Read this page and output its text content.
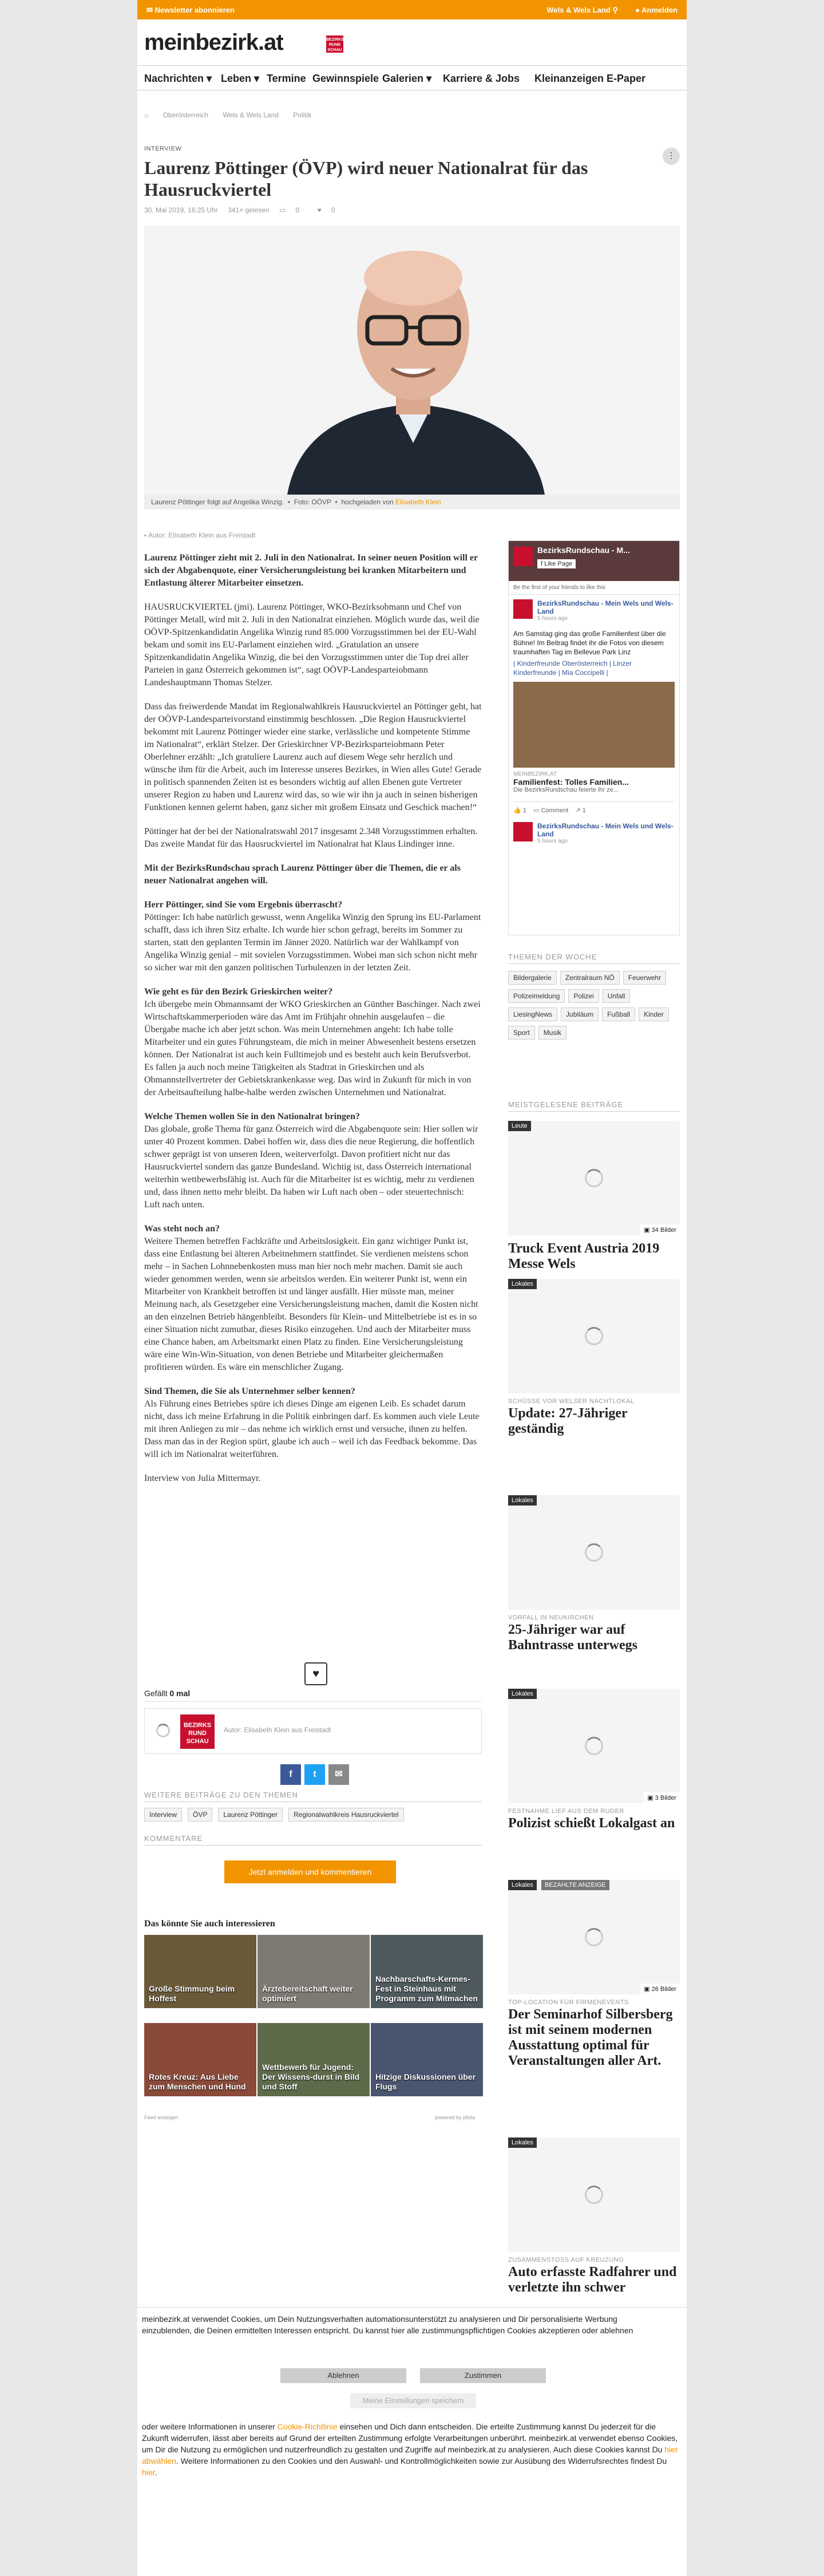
✉ Newsletter abonnieren	Wels & Wels Land ⚲ ● Anmelden
meinbezirk.at	BEZIRKS RUND SCHAU
Nachrichten ▾ Leben ▾ Termine Gewinnspiele Galerien ▾ Karriere & Jobs Kleinanzeigen E-Paper
⌂ Oberösterreich Wels & Wels Land Politik
INTERVIEW
Laurenz Pöttinger (ÖVP) wird neuer Nationalrat für das Hausruckviertel
⋮
30. Mai 2019, 16:25 Uhr 341× gelesen ▭ 0	♥ 0
Laurenz Pöttinger folgt auf Angelika Winzig.  •  Foto: OÖVP  •  hochgeladen von Elisabeth Klein
▪ Autor: Elisabeth Klein aus Freistadt

Laurenz Pöttinger zieht mit 2. Juli in den Nationalrat. In seiner neuen Position will er sich der Abgabenquote, einer Versicherungsleistung bei kranken Mitarbeitern und Entlastung älterer Mitarbeiter einsetzen.

HAUSRUCKVIERTEL (jmi). Laurenz Pöttinger, WKO-Bezirksobmann und Chef von Pöttinger Metall, wird mit 2. Juli in den Nationalrat einziehen. Möglich wurde das, weil die OÖVP-Spitzenkandidatin Angelika Winzig rund 85.000 Vorzugsstimmen bei der EU-Wahl bekam und somit ins EU-Parlament einziehen wird. „Gratulation an unsere Spitzenkandidatin Angelika Winzig, die bei den Vorzugsstimmen unter die Top drei aller Parteien in ganz Österreich gekommen ist“, sagt OÖVP-Landesparteiobmann Landeshauptmann Thomas Stelzer.

Dass das freiwerdende Mandat im Regionalwahlkreis Hausruckviertel an Pöttinger geht, hat der OÖVP-Landesparteivorstand einstimmig beschlossen. „Die Region Hausruckviertel bekommt mit Laurenz Pöttinger wieder eine starke, verlässliche und kompetente Stimme im Nationalrat“, erklärt Stelzer. Der Grieskirchner VP-Bezirksparteiobmann Peter Oberlehner erzählt: „Ich gratuliere Laurenz auch auf diesem Wege sehr herzlich und wünsche ihm für die Arbeit, auch im Interesse unseres Bezirkes, in Wien alles Gute! Gerade in politisch spannenden Zeiten ist es besonders wichtig auf allen Ebenen gute Vertreter unserer Region zu haben und Laurenz wird das, so wie wir ihn ja auch in seinen bisherigen Funktionen kennen gelernt haben, ganz sicher mit großem Einsatz und Geschick machen!“

Pöttinger hat der bei der Nationalratswahl 2017 insgesamt 2.348 Vorzugsstimmen erhalten. Das zweite Mandat für das Hausruckviertel im Nationalrat hat Klaus Lindinger inne.

Mit der BezirksRundschau sprach Laurenz Pöttinger über die Themen, die er als neuer Nationalrat angehen will.

Herr Pöttinger, sind Sie vom Ergebnis überrascht?

Pöttinger: Ich habe natürlich gewusst, wenn Angelika Winzig den Sprung ins EU-Parlament schafft, dass ich ihren Sitz erhalte. Ich wurde hier schon gefragt, bereits im Sommer zu starten, statt den geplanten Termin im Jänner 2020. Natürlich war der Wahlkampf von Angelika Winzig genial – mit sovielen Vorzugsstimmen. Wobei man sich schon nicht mehr so sicher war mit den ganzen politischen Turbulenzen in der letzten Zeit.

Wie geht es für den Bezirk Grieskirchen weiter?

Ich übergebe mein Obmannsamt der WKO Grieskirchen an Günther Baschinger. Nach zwei Wirtschaftskammerperioden wäre das Amt im Frühjahr ohnehin ausgelaufen – die Übergabe mache ich aber jetzt schon. Was mein Unternehmen angeht: Ich habe tolle Mitarbeiter und ein gutes Führungsteam, die mich in meiner Abwesenheit bestens ersetzen können. Der Nationalrat ist auch kein Fulltimejob und es besteht auch kein Berufsverbot. Es fallen ja auch noch meine Tätigkeiten als Stadtrat in Grieskirchen und als Obmannstellvertreter der Gebietskrankenkasse weg. Das wird in Zukunft für mich in von der Arbeitsaufteilung halbe-halbe werden zwischen Unternehmen und Nationalrat.

Welche Themen wollen Sie in den Nationalrat bringen?

Das globale, große Thema für ganz Österreich wird die Abgabenquote sein: Hier sollen wir unter 40 Prozent kommen. Dabei hoffen wir, dass dies die neue Regierung, die hoffentlich schwer geprägt ist von unseren Ideen, weiterverfolgt. Davon profitiert nicht nur das Hausruckviertel sondern das ganze Bundesland. Wichtig ist, dass Österreich international weiterhin wettbewerbsfähig ist. Auch für die Mitarbeiter ist es wichtig, mehr zu verdienen und, dass ihnen netto mehr bleibt. Da haben wir Luft nach oben – oder steuertechnisch: Luft nach unten.

Was steht noch an?

Weitere Themen betreffen Fachkräfte und Arbeitslosigkeit. Ein ganz wichtiger Punkt ist, dass eine Entlastung bei älteren Arbeitnehmern stattfindet. Sie verdienen meistens schon mehr – in Sachen Lohnnebenkosten muss man hier noch mehr machen. Damit sie auch wieder genommen werden, wenn sie arbeitslos werden. Ein weiterer Punkt ist, wenn ein Mitarbeiter von Krankheit betroffen ist und länger ausfällt. Hier müsste man, meiner Meinung nach, als Gesetzgeber eine Versicherungsleistung machen, damit die Kosten nicht an den einzelnen Betrieb hängenbleibt. Besonders für Klein- und Mittelbetriebe ist es in so einer Situation nicht zumutbar, dieses Risiko einzugehen. Und auch der Mitarbeiter muss eine Chance haben, am Arbeitsmarkt einen Platz zu finden. Eine Versicherungsleistung wäre eine Win-Win-Situation, von denen Betriebe und Mitarbeiter gleichermaßen profitieren würden. Es wäre ein menschlicher Zugang.

Sind Themen, die Sie als Unternehmer selber kennen?

Als Führung eines Betriebes spüre ich dieses Dinge am eigenen Leib. Es schadet darum nicht, dass ich meine Erfahrung in die Politik einbringen darf. Es kommen auch viele Leute mit ihren Anliegen zu mir – das nehme ich wirklich ernst und versuche, ihnen zu helfen. Dass man das in der Region spürt, glaube ich auch – weil ich das Feedback bekomme. Das will ich im Nationalrat weiterführen.

Interview von Julia Mittermayr.

♥
Gefällt 0 mal
BEZIRKS RUND SCHAU
Autor: Elisabeth Klein aus Freistadt
f	t	✉
WEITERE BEITRÄGE ZU DEN THEMEN
Interview ÖVP Laurenz Pöttinger Regionalwahlkreis Hausruckviertel
KOMMENTARE
Jetzt anmelden und kommentieren
Das könnte Sie auch interessieren
Große Stimmung beim Hoffest
Ärztebereitschaft weiter optimiert
Nachbarschafts-Kermes-Fest in Steinhaus mit Programm zum Mitmachen
Rotes Kreuz: Aus Liebe zum Menschen und Hund
Wettbewerb für Jugend: Der Wissens-durst in Bild und Stoff
Hitzige Diskussionen über Flugs
Feed anzeigen	powered by plista
BezirksRundschau - M...
f Like Page
Be the first of your friends to like this
BezirksRundschau - Mein Wels und Wels-Land
5 hours ago
Am Samstag ging das große Familienfest über die Bühne! Im Beitrag findet ihr die Fotos von diesem traumhaften Tag im Bellevue Park Linz
| Kinderfreunde Oberösterreich | Linzer Kinderfreunde | Mia Coccipelli |
MEINBEZIRK.AT
Familienfest: Tolles Familien...
Die BezirksRundschau feierte ihr ze...
👍 1 ▭ Comment ↗ 1
BezirksRundschau - Mein Wels und Wels-Land
5 hours ago
THEMEN DER WOCHE
Bildergalerie Zentralraum NÖ FeuerwehrPolizeimeldung Polizei UnfallLiesingNews Jubiläum Fußball KinderSport Musik
MEISTGELESENE BEITRÄGE
Leute
▣ 34 Bilder
Truck Event Austria 2019 Messe Wels
Lokales
SCHÜSSE VOR WELSER NACHTLOKAL
Update: 27-Jähriger geständig
Lokales
VORFALL IN NEUKIRCHEN
25-Jähriger war auf Bahntrasse unterwegs
Lokales
▣ 3 Bilder
FESTNAHME LIEF AUS DEM RUDER
Polizist schießt Lokalgast an
Lokales	BEZAHLTE ANZEIGE
▣ 26 Bilder
TOP-LOCATION FÜR FIRMENEVENTS
Der Seminarhof Silbersberg ist mit seinem modernen Ausstattung optimal für Veranstaltungen aller Art.
Lokales
ZUSAMMENSTOSS AUF KREUZUNG
Auto erfasste Radfahrer und verletzte ihn schwer
meinbezirk.at verwendet Cookies, um Dein Nutzungsverhalten automationsunterstützt zu analysieren und Dir personalisierte Werbung einzublenden, die Deinen ermittelten Interessen entspricht. Du kannst hier alle zustimmungspflichtigen Cookies akzeptieren oder ablehnen
Ablehnen	Zustimmen
Meine Einstellungen speichern
oder weitere Informationen in unserer Cookie-Richtlinie einsehen und Dich dann entscheiden. Die erteilte Zustimmung kannst Du jederzeit für die Zukunft widerrufen, lässt aber bereits auf Grund der erteilten Zustimmung erfolgte Verarbeitungen unberührt. meinbezirk.at verwendet ebenso Cookies, um Dir die Nutzung zu ermöglichen und nutzerfreundlich zu gestalten und Zugriffe auf meinbezirk.at zu analysieren. Auch diese Cookies kannst Du hier abwählen. Weitere Informationen zu den Cookies und den Auswahl- und Kontrollmöglichkeiten sowie zur Ausübung des Widerrufsrechtes findest Du hier.
